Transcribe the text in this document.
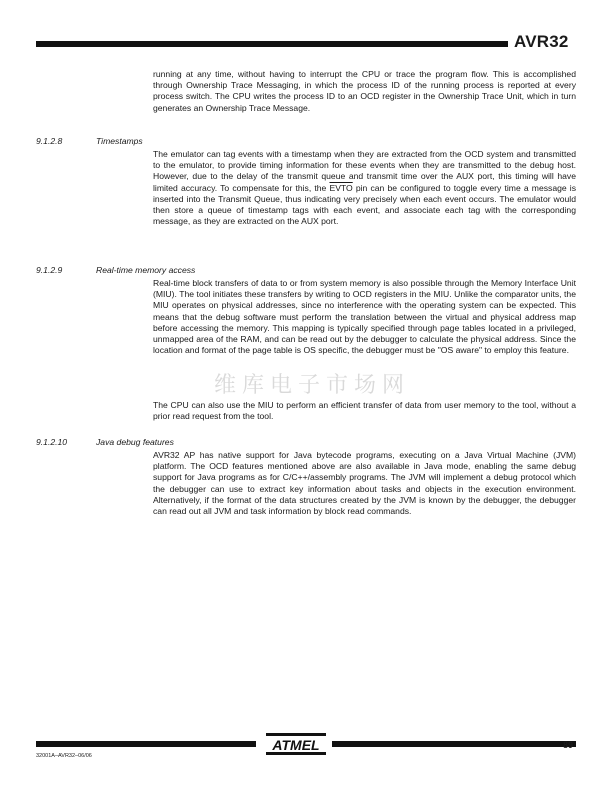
AVR32

running at any time, without having to interrupt the CPU or trace the program flow. This is accomplished through Ownership Trace Messaging, in which the process ID of the running process is reported at every process switch. The CPU writes the process ID to an OCD register in the Ownership Trace Unit, which in turn generates an Ownership Trace Message.

9.1.2.8	Timestamps

The emulator can tag events with a timestamp when they are extracted from the OCD system and transmitted to the emulator, to provide timing information for these events when they are transmitted to the debug host. However, due to the delay of the transmit queue and transmit time over the AUX port, this timing will have limited accuracy. To compensate for this, the EVTO pin can be configured to toggle every time a message is inserted into the Transmit Queue, thus indicating very precisely when each event occurs. The emulator would then store a queue of timestamp tags with each event, and associate each tag with the corresponding message, as they are extracted on the AUX port.

9.1.2.9	Real-time memory access

Real-time block transfers of data to or from system memory is also possible through the Memory Interface Unit (MIU). The tool initiates these transfers by writing to OCD registers in the MIU. Unlike the comparator units, the MIU operates on physical addresses, since no interference with the operating system can be expected. This means that the debug software must perform the translation between the virtual and physical address map before accessing the memory. This mapping is typically specified through page tables located in a privileged, unmapped area of the RAM, and can be read out by the debugger to calculate the physical address. Since the location and format of the page table is OS specific, the debugger must be "OS aware" to employ this feature.

The CPU can also use the MIU to perform an efficient transfer of data from user memory to the tool, without a prior read request from the tool.

维库电子市场网
9.1.2.10	Java debug features

AVR32 AP has native support for Java bytecode programs, executing on a Java Virtual Machine (JVM) platform. The OCD features mentioned above are also available in Java mode, enabling the same debug support for Java programs as for C/C++/assembly programs. The JVM will implement a debug protocol which the debugger can use to extract key information about tasks and objects in the execution environment. Alternatively, if the format of the data structures created by the JVM is known by the debugger, the debugger can read out all JVM and task information by block read commands.

ATMEL
32001A–AVR32–06/06
89
